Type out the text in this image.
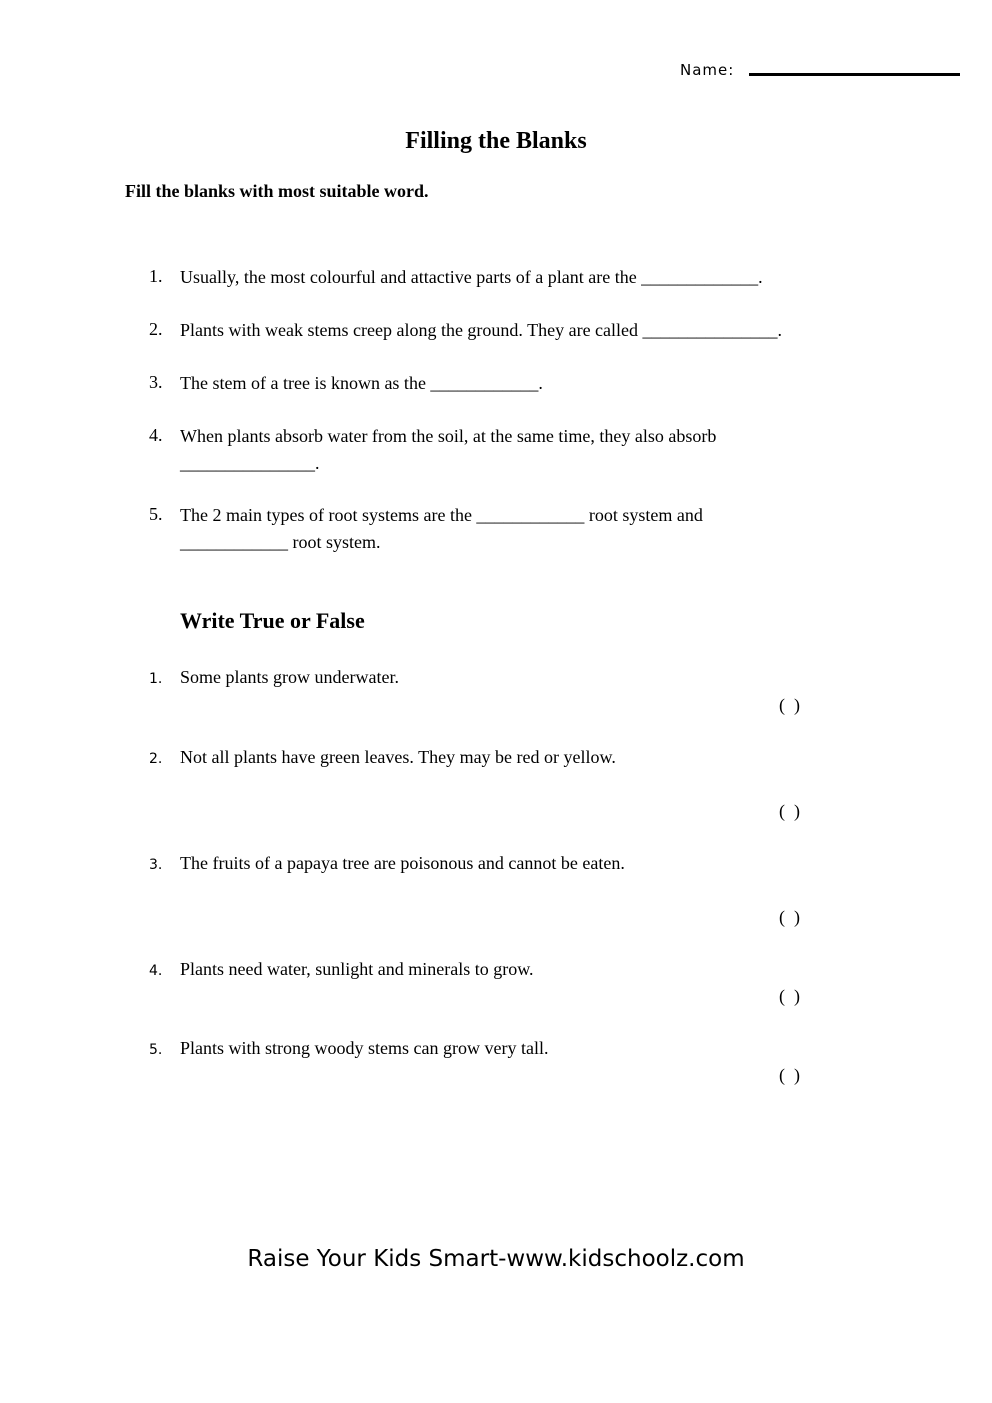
Name:
Filling the Blanks
Fill the blanks with most suitable word.
1. Usually, the most colourful and attactive parts of a plant are the _____________.
2. Plants with weak stems creep along the ground. They are called _______________.
3. The stem of a tree is known as the ____________.
4. When plants absorb water from the soil, at the same time, they also absorb
_______________.
5. The 2 main types of root systems are the ____________ root system and
____________ root system.
Write True or False
1. Some plants grow underwater.
(  )
2. Not all plants have green leaves. They may be red or yellow.
(  )
3. The fruits of a papaya tree are poisonous and cannot be eaten.
(  )
4. Plants need water, sunlight and minerals to grow.
(  )
5. Plants with strong woody stems can grow very tall.
(  )
Raise Your Kids Smart-www.kidschoolz.com
